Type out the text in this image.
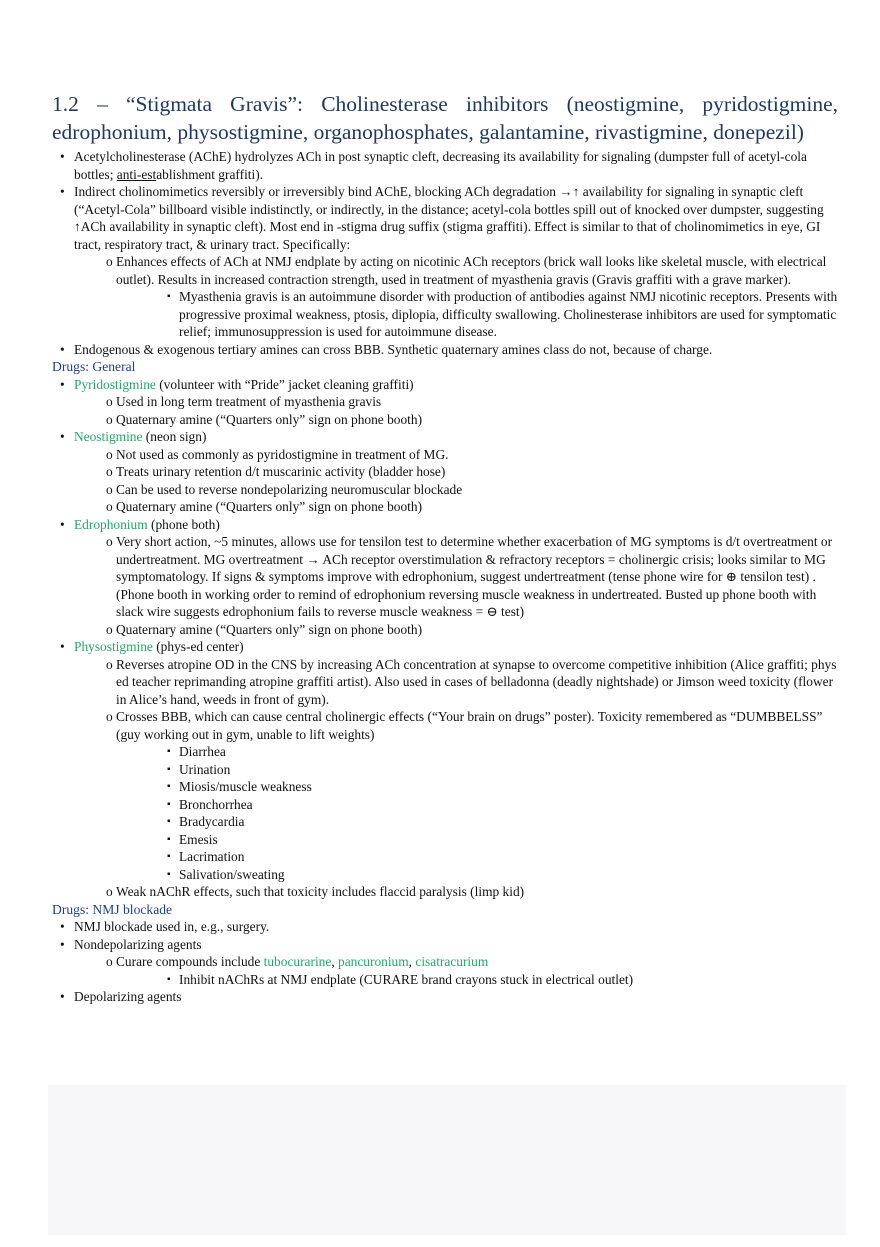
1.2 – “Stigmata Gravis”: Cholinesterase inhibitors (neostigmine, pyridostigmine, edrophonium, physostigmine, organophosphates, galantamine, rivastigmine, donepezil)
• Acetylcholinesterase (AChE) hydrolyzes ACh in post synaptic cleft, decreasing its availability for signaling (dumpster full of acetyl-cola bottles; anti-establishment graffiti).
• Indirect cholinomimetics reversibly or irreversibly bind AChE, blocking ACh degradation →↑ availability for signaling in synaptic cleft (“Acetyl-Cola” billboard visible indistinctly, or indirectly, in the distance; acetyl-cola bottles spill out of knocked over dumpster, suggesting ↑ACh availability in synaptic cleft). Most end in -stigma drug suffix (stigma graffiti). Effect is similar to that of cholinomimetics in eye, GI tract, respiratory tract, & urinary tract. Specifically:
o Enhances effects of ACh at NMJ endplate by acting on nicotinic ACh receptors (brick wall looks like skeletal muscle, with electrical outlet). Results in increased contraction strength, used in treatment of myasthenia gravis (Gravis graffiti with a grave marker).
▪ Myasthenia gravis is an autoimmune disorder with production of antibodies against NMJ nicotinic receptors. Presents with progressive proximal weakness, ptosis, diplopia, difficulty swallowing. Cholinesterase inhibitors are used for symptomatic relief; immunosuppression is used for autoimmune disease.
• Endogenous & exogenous tertiary amines can cross BBB. Synthetic quaternary amines class do not, because of charge.
Drugs: General
• Pyridostigmine (volunteer with “Pride” jacket cleaning graffiti)
o Used in long term treatment of myasthenia gravis
o Quaternary amine (“Quarters only” sign on phone booth)
• Neostigmine (neon sign)
o Not used as commonly as pyridostigmine in treatment of MG.
o Treats urinary retention d/t muscarinic activity (bladder hose)
o Can be used to reverse nondepolarizing neuromuscular blockade
o Quaternary amine (“Quarters only” sign on phone booth)
• Edrophonium (phone both)
o Very short action, ~5 minutes, allows use for tensilon test to determine whether exacerbation of MG symptoms is d/t overtreatment or undertreatment. MG overtreatment → ACh receptor overstimulation & refractory receptors = cholinergic crisis; looks similar to MG symptomatology. If signs & symptoms improve with edrophonium, suggest undertreatment (tense phone wire for ⊕ tensilon test) . (Phone booth in working order to remind of edrophonium reversing muscle weakness in undertreated. Busted up phone booth with slack wire suggests edrophonium fails to reverse muscle weakness = ⊖ test)
o Quaternary amine (“Quarters only” sign on phone booth)
• Physostigmine (phys-ed center)
o Reverses atropine OD in the CNS by increasing ACh concentration at synapse to overcome competitive inhibition (Alice graffiti; phys ed teacher reprimanding atropine graffiti artist). Also used in cases of belladonna (deadly nightshade) or Jimson weed toxicity (flower in Alice’s hand, weeds in front of gym).
o Crosses BBB, which can cause central cholinergic effects (“Your brain on drugs” poster). Toxicity remembered as “DUMBBELSS” (guy working out in gym, unable to lift weights)
▪ Diarrhea
▪ Urination
▪ Miosis/muscle weakness
▪ Bronchorrhea
▪ Bradycardia
▪ Emesis
▪ Lacrimation
▪ Salivation/sweating
o Weak nAChR effects, such that toxicity includes flaccid paralysis (limp kid)
Drugs: NMJ blockade
• NMJ blockade used in, e.g., surgery.
• Nondepolarizing agents
o Curare compounds include tubocurarine, pancuronium, cisatracurium
▪ Inhibit nAChRs at NMJ endplate (CURARE brand crayons stuck in electrical outlet)
• Depolarizing agents
